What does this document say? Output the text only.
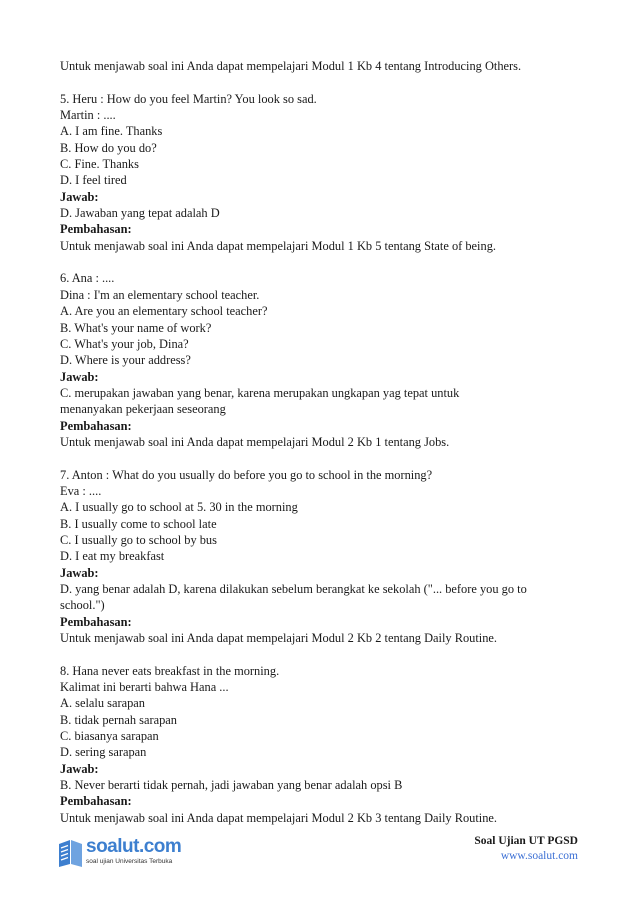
Untuk menjawab soal ini Anda dapat mempelajari Modul 1 Kb 4 tentang Introducing Others.
5. Heru : How do you feel Martin? You look so sad.
Martin : ....
A. I am fine. Thanks
B. How do you do?
C. Fine. Thanks
D. I feel tired
Jawab:
D. Jawaban yang tepat adalah D
Pembahasan:
Untuk menjawab soal ini Anda dapat mempelajari Modul 1 Kb 5 tentang State of being.
6. Ana : ....
Dina : I'm an elementary school teacher.
A. Are you an elementary school teacher?
B. What's your name of work?
C. What's your job, Dina?
D. Where is your address?
Jawab:
C. merupakan jawaban yang benar, karena merupakan ungkapan yag tepat untuk
menanyakan pekerjaan seseorang
Pembahasan:
Untuk menjawab soal ini Anda dapat mempelajari Modul 2 Kb 1 tentang Jobs.
7. Anton : What do you usually do before you go to school in the morning?
Eva : ....
A. I usually go to school at 5. 30 in the morning
B. I usually come to school late
C. I usually go to school by bus
D. I eat my breakfast
Jawab:
D. yang benar adalah D, karena dilakukan sebelum berangkat ke sekolah ("... before you go to
school.")
Pembahasan:
Untuk menjawab soal ini Anda dapat mempelajari Modul 2 Kb 2 tentang Daily Routine.
8. Hana never eats breakfast in the morning.
Kalimat ini berarti bahwa Hana ...
A. selalu sarapan
B. tidak pernah sarapan
C. biasanya sarapan
D. sering sarapan
Jawab:
B. Never berarti tidak pernah, jadi jawaban yang benar adalah opsi B
Pembahasan:
Untuk menjawab soal ini Anda dapat mempelajari Modul 2 Kb 3 tentang Daily Routine.
soalut.com
soal ujian Universitas Terbuka
Soal Ujian UT PGSD
www.soalut.com
